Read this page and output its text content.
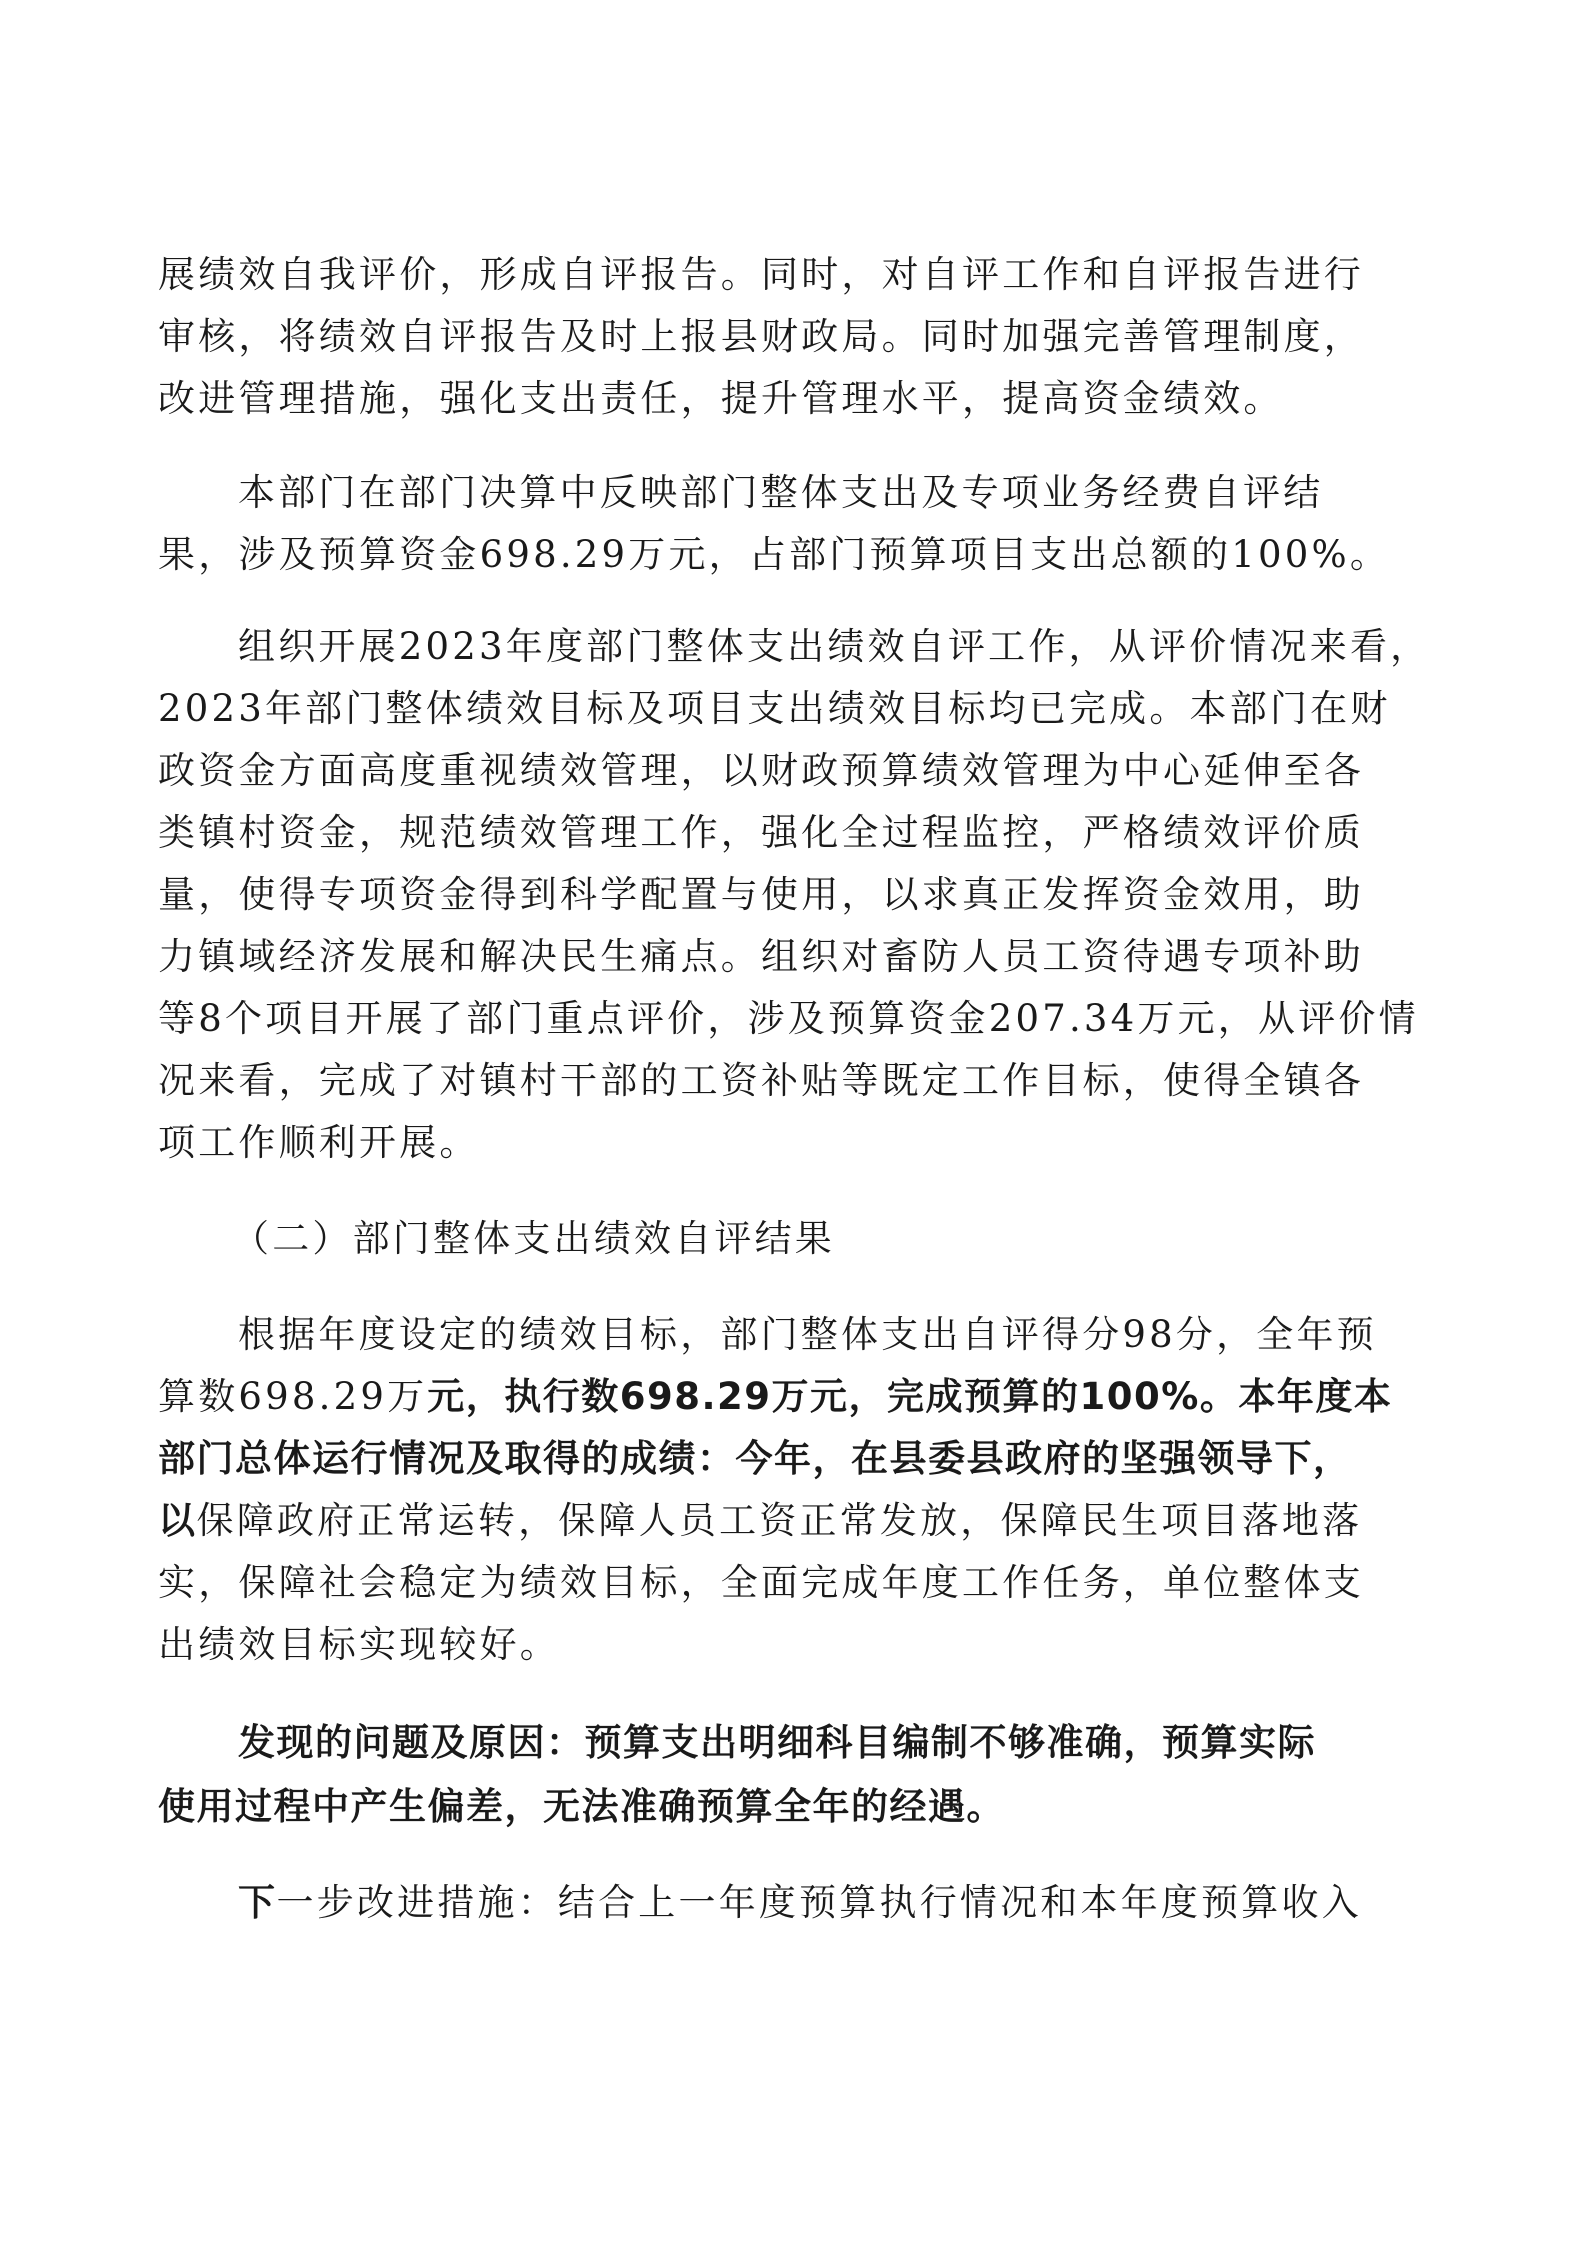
展绩效自我评价，形成自评报告。同时，对自评工作和自评报告进行
审核，将绩效自评报告及时上报县财政局。同时加强完善管理制度，
改进管理措施，强化支出责任，提升管理水平，提高资金绩效。
本部门在部门决算中反映部门整体支出及专项业务经费自评结
果，涉及预算资金698.29万元，占部门预算项目支出总额的100%。
组织开展2023年度部门整体支出绩效自评工作，从评价情况来看，
2023年部门整体绩效目标及项目支出绩效目标均已完成。本部门在财
政资金方面高度重视绩效管理，以财政预算绩效管理为中心延伸至各
类镇村资金，规范绩效管理工作，强化全过程监控，严格绩效评价质
量，使得专项资金得到科学配置与使用，以求真正发挥资金效用，助
力镇域经济发展和解决民生痛点。组织对畜防人员工资待遇专项补助
等8个项目开展了部门重点评价，涉及预算资金207.34万元，从评价情
况来看，完成了对镇村干部的工资补贴等既定工作目标，使得全镇各
项工作顺利开展。
（二）部门整体支出绩效自评结果
根据年度设定的绩效目标，部门整体支出自评得分98分，全年预
算数698.29万元，执行数698.29万元，完成预算的100%。本年度本
部门总体运行情况及取得的成绩：今年，在县委县政府的坚强领导下，
以保障政府正常运转，保障人员工资正常发放，保障民生项目落地落
实，保障社会稳定为绩效目标，全面完成年度工作任务，单位整体支
出绩效目标实现较好。
发现的问题及原因：预算支出明细科目编制不够准确，预算实际
使用过程中产生偏差，无法准确预算全年的经遇。
下一步改进措施：结合上一年度预算执行情况和本年度预算收入
